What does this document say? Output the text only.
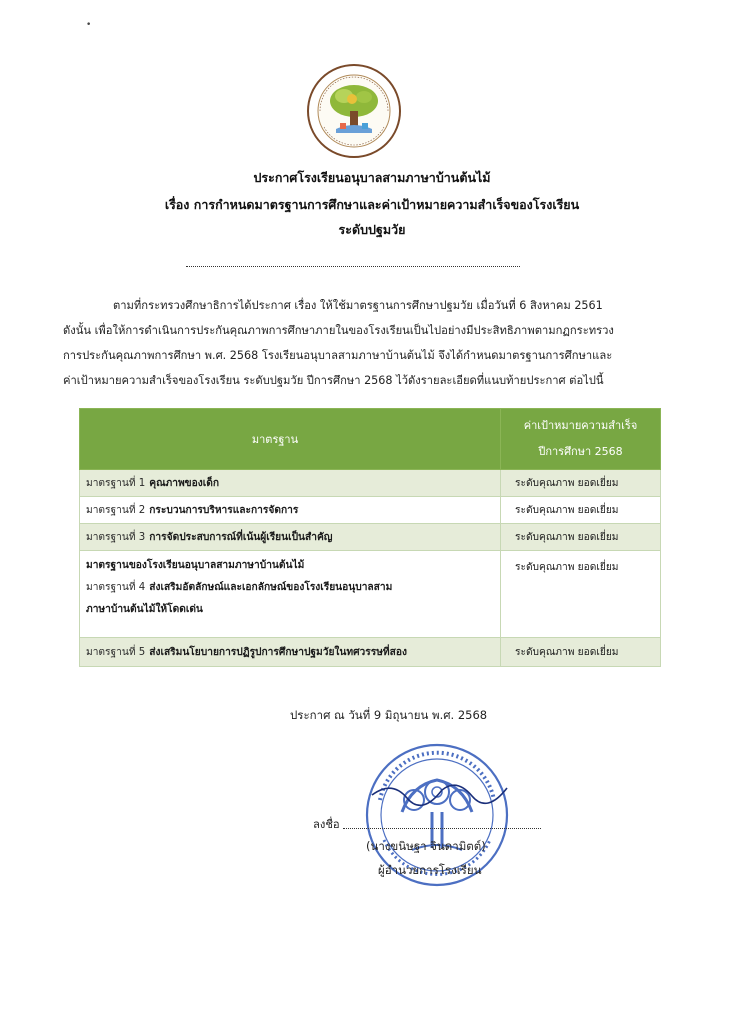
•
ประกาศโรงเรียนอนุบาลสามภาษาบ้านต้นไม้
เรื่อง การกำหนดมาตรฐานการศึกษาและค่าเป้าหมายความสำเร็จของโรงเรียน
ระดับปฐมวัย
ตามที่กระทรวงศึกษาธิการได้ประกาศ เรื่อง ให้ใช้มาตรฐานการศึกษาปฐมวัย เมื่อวันที่ 6 สิงหาคม 2561
ดังนั้น เพื่อให้การดำเนินการประกันคุณภาพการศึกษาภายในของโรงเรียนเป็นไปอย่างมีประสิทธิภาพตามกฏกระทรวง
การประกันคุณภาพการศึกษา พ.ศ. 2568 โรงเรียนอนุบาลสามภาษาบ้านต้นไม้ จึงได้กำหนดมาตรฐานการศึกษาและ
ค่าเป้าหมายความสำเร็จของโรงเรียน ระดับปฐมวัย ปีการศึกษา 2568 ไว้ดังรายละเอียดที่แนบท้ายประกาศ ต่อไปนี้
มาตรฐาน	ค่าเป้าหมายความสำเร็จ
ปีการศึกษา 2568

มาตรฐานที่ 1 คุณภาพของเด็ก	ระดับคุณภาพ ยอดเยี่ยม
มาตรฐานที่ 2 กระบวนการบริหารและการจัดการ	ระดับคุณภาพ ยอดเยี่ยม
มาตรฐานที่ 3 การจัดประสบการณ์ที่เน้นผู้เรียนเป็นสำคัญ	ระดับคุณภาพ ยอดเยี่ยม

มาตรฐานของโรงเรียนอนุบาลสามภาษาบ้านต้นไม้
มาตรฐานที่ 4 ส่งเสริมอัตลักษณ์และเอกลักษณ์ของโรงเรียนอนุบาลสาม
ภาษาบ้านต้นไม้ให้โดดเด่น	ระดับคุณภาพ ยอดเยี่ยม
มาตรฐานที่ 5 ส่งเสริมนโยบายการปฏิรูปการศึกษาปฐมวัยในทศวรรษที่สอง	ระดับคุณภาพ ยอดเยี่ยม
ประกาศ ณ วันที่ 9 มิถุนายน พ.ศ. 2568
ลงชื่อ
(นางขนิษฐา จินดามิตต์)
ผู้อำนวยการโรงเรียน
